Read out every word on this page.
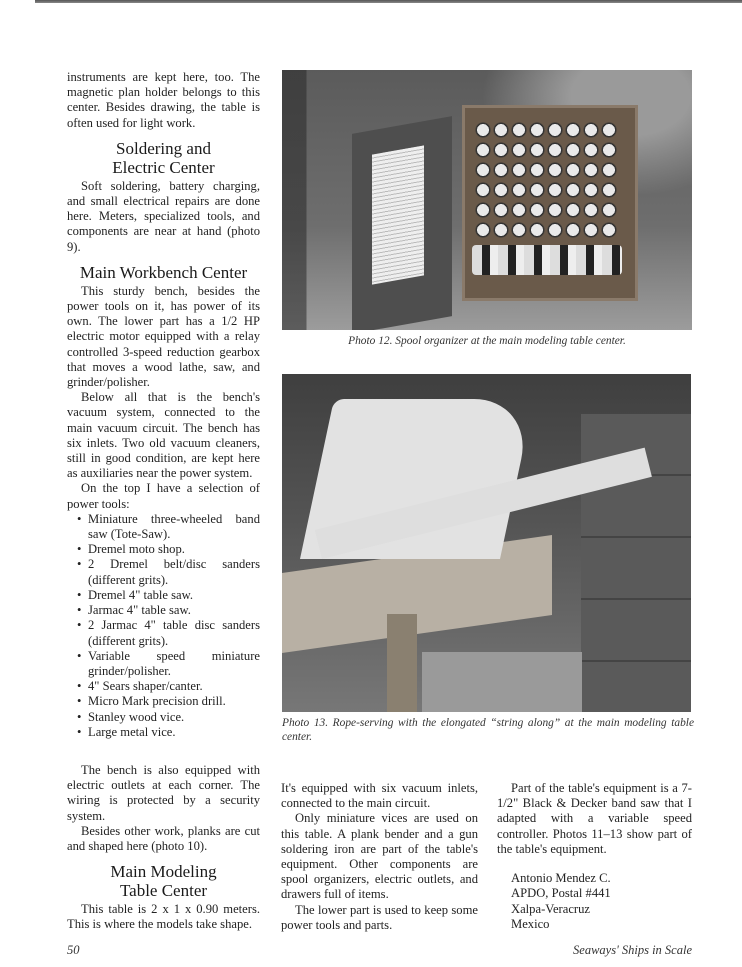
instruments are kept here, too. The magnetic plan holder belongs to this center. Besides drawing, the table is often used for light work.

Soldering and
Electric Center

Soft soldering, battery charging, and small electrical repairs are done here. Meters, specialized tools, and components are near at hand (photo 9).

Main Workbench Center

This sturdy bench, besides the power tools on it, has power of its own. The lower part has a 1/2 HP electric motor equipped with a relay controlled 3-speed reduction gearbox that moves a wood lathe, saw, and grinder/polisher.

Below all that is the bench's vacuum system, connected to the main vacuum circuit. The bench has six inlets. Two old vacuum cleaners, still in good condition, are kept here as auxiliaries near the power system.

On the top I have a selection of power tools:

• Miniature three-wheeled band saw (Tote-Saw).
• Dremel moto shop.
• 2 Dremel belt/disc sanders (different grits).
• Dremel 4" table saw.
• Jarmac 4" table saw.
• 2 Jarmac 4" table disc sanders (different grits).
• Variable speed miniature grinder/polisher.
• 4" Sears shaper/canter.
• Micro Mark precision drill.
• Stanley wood vice.
• Large metal vice.
Photo 12. Spool organizer at the main modeling table center.
Photo 13. Rope-serving with the elongated “string along” at the main modeling table center.

The bench is also equipped with electric outlets at each corner. The wiring is protected by a security system.

Besides other work, planks are cut and shaped here (photo 10).

Main Modeling
Table Center

This table is 2 x 1 x 0.90 meters. This is where the models take shape.

It's equipped with six vacuum inlets, connected to the main circuit.

Only miniature vices are used on this table. A plank bender and a gun soldering iron are part of the table's equipment. Other components are spool organizers, electric outlets, and drawers full of items.

The lower part is used to keep some power tools and parts.

Part of the table's equipment is a 7-1/2" Black & Decker band saw that I adapted with a variable speed controller. Photos 11–13 show part of the table's equipment.

Antonio Mendez C.
APDO, Postal #441
Xalpa-Veracruz
Mexico
50	Seaways' Ships in Scale
